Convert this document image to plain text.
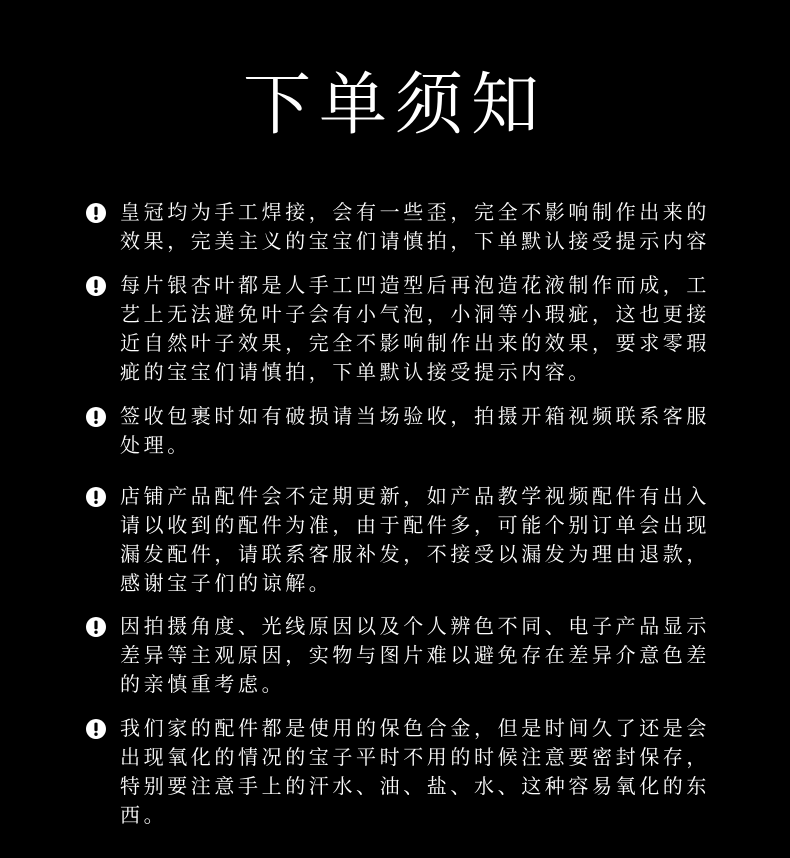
下单须知
皇冠均为手工焊接，会有一些歪，完全不影响制作出来的效果，完美主义的宝宝们请慎拍，下单默认接受提示内容
每片银杏叶都是人手工凹造型后再泡造花液制作而成，工艺上无法避免叶子会有小气泡，小洞等小瑕疵，这也更接近自然叶子效果，完全不影响制作出来的效果，要求零瑕疵的宝宝们请慎拍，下单默认接受提示内容。
签收包裹时如有破损请当场验收，拍摄开箱视频联系客服处理。
店铺产品配件会不定期更新，如产品教学视频配件有出入请以收到的配件为准，由于配件多，可能个别订单会出现漏发配件，请联系客服补发，不接受以漏发为理由退款，感谢宝子们的谅解。
因拍摄角度、光线原因以及个人辨色不同、电子产品显示差异等主观原因，实物与图片难以避免存在差异介意色差的亲慎重考虑。
我们家的配件都是使用的保色合金，但是时间久了还是会出现氧化的情况的宝子平时不用的时候注意要密封保存，特别要注意手上的汗水、油、盐、水、这种容易氧化的东西。
